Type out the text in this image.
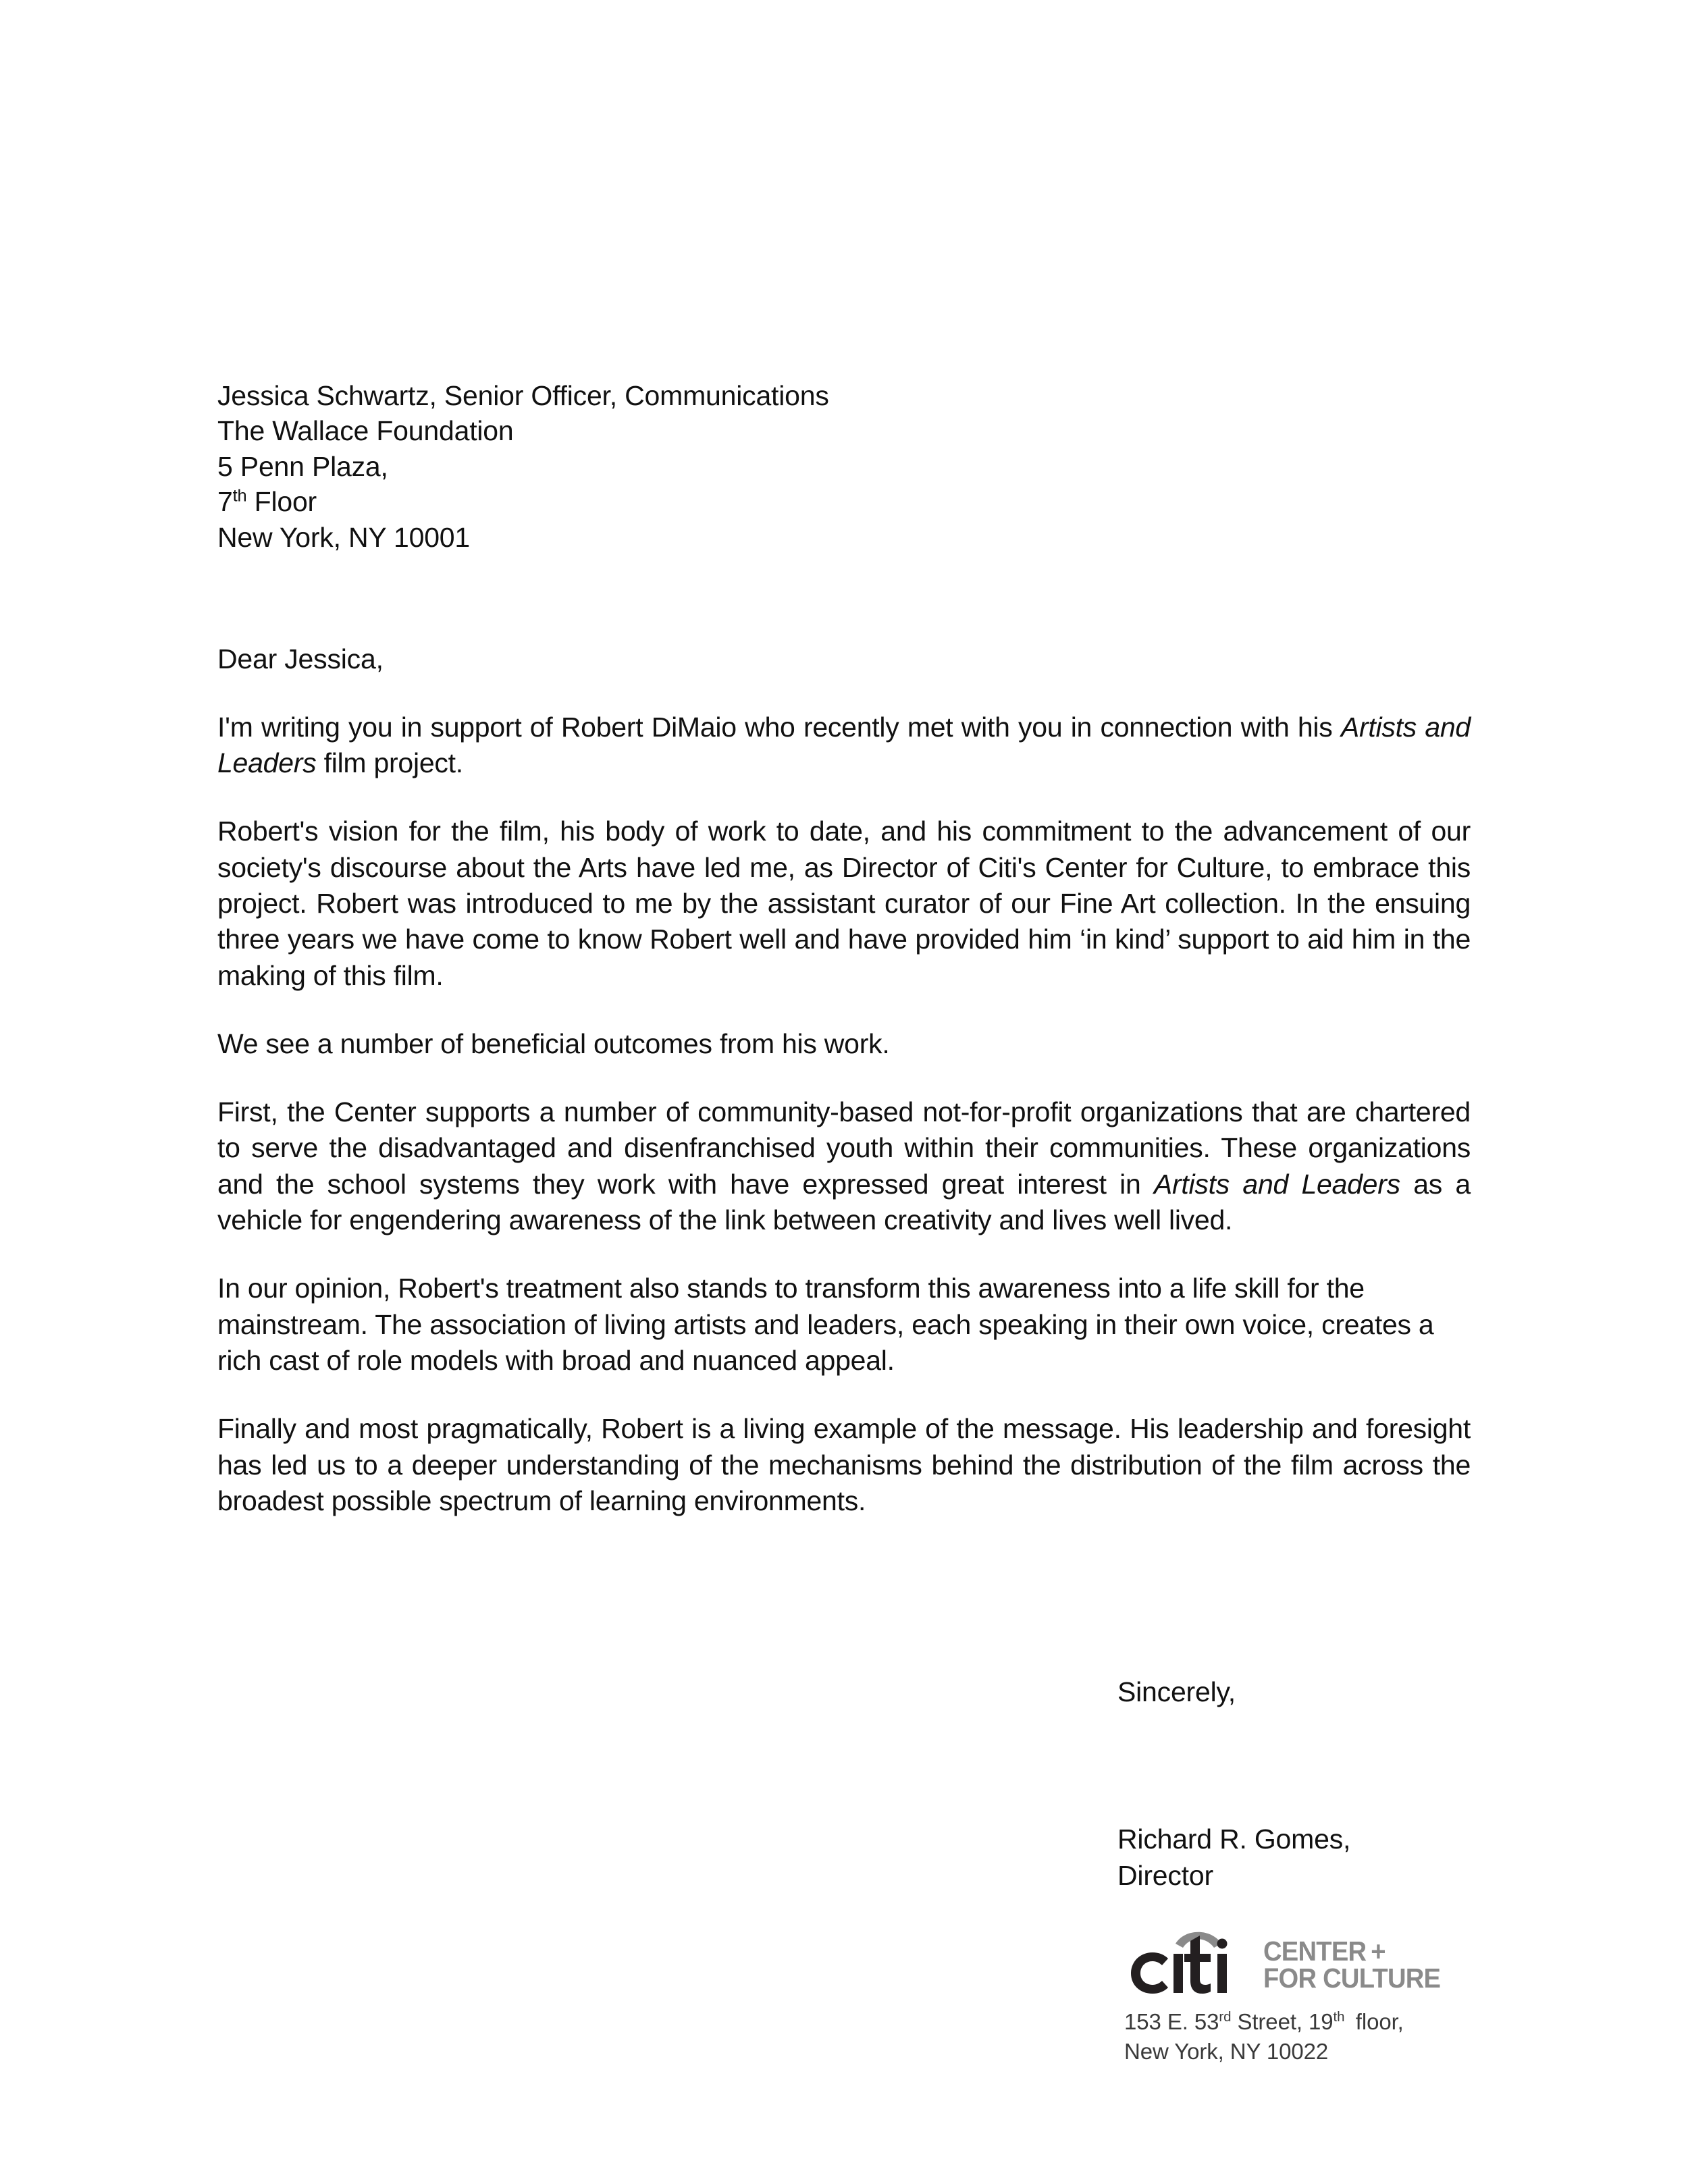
Jessica Schwartz, Senior Officer, Communications
The Wallace Foundation
5 Penn Plaza,
7th Floor
New York, NY 10001
Dear Jessica,

I'm writing you in support of Robert DiMaio who recently met with you in connection with his Artists and Leaders film project.

Robert's vision for the film, his body of work to date, and his commitment to the advancement of our society's discourse about the Arts have led me, as Director of Citi's Center for Culture, to embrace this project. Robert was introduced to me by the assistant curator of our Fine Art collection. In the ensuing three years we have come to know Robert well and have provided him ‘in kind’ support to aid him in the making of this film.

We see a number of beneficial outcomes from his work.

First, the Center supports a number of community-based not-for-profit organizations that are chartered to serve the disadvantaged and disenfranchised youth within their communities. These organizations and the school systems they work with have expressed great interest in Artists and Leaders as a vehicle for engendering awareness of the link between creativity and lives well lived.

In our opinion, Robert's treatment also stands to transform this awareness into a life skill for the mainstream. The association of living artists and leaders, each speaking in their own voice, creates a rich cast of role models with broad and nuanced appeal.

Finally and most pragmatically, Robert is a living example of the message. His leadership and foresight has led us to a deeper understanding of the mechanisms behind the distribution of the film across the broadest possible spectrum of learning environments.

Sincerely,
Richard R. Gomes,
Director
CENTER +
FOR CULTURE
153 E. 53rd Street, 19th floor,
New York, NY 10022
